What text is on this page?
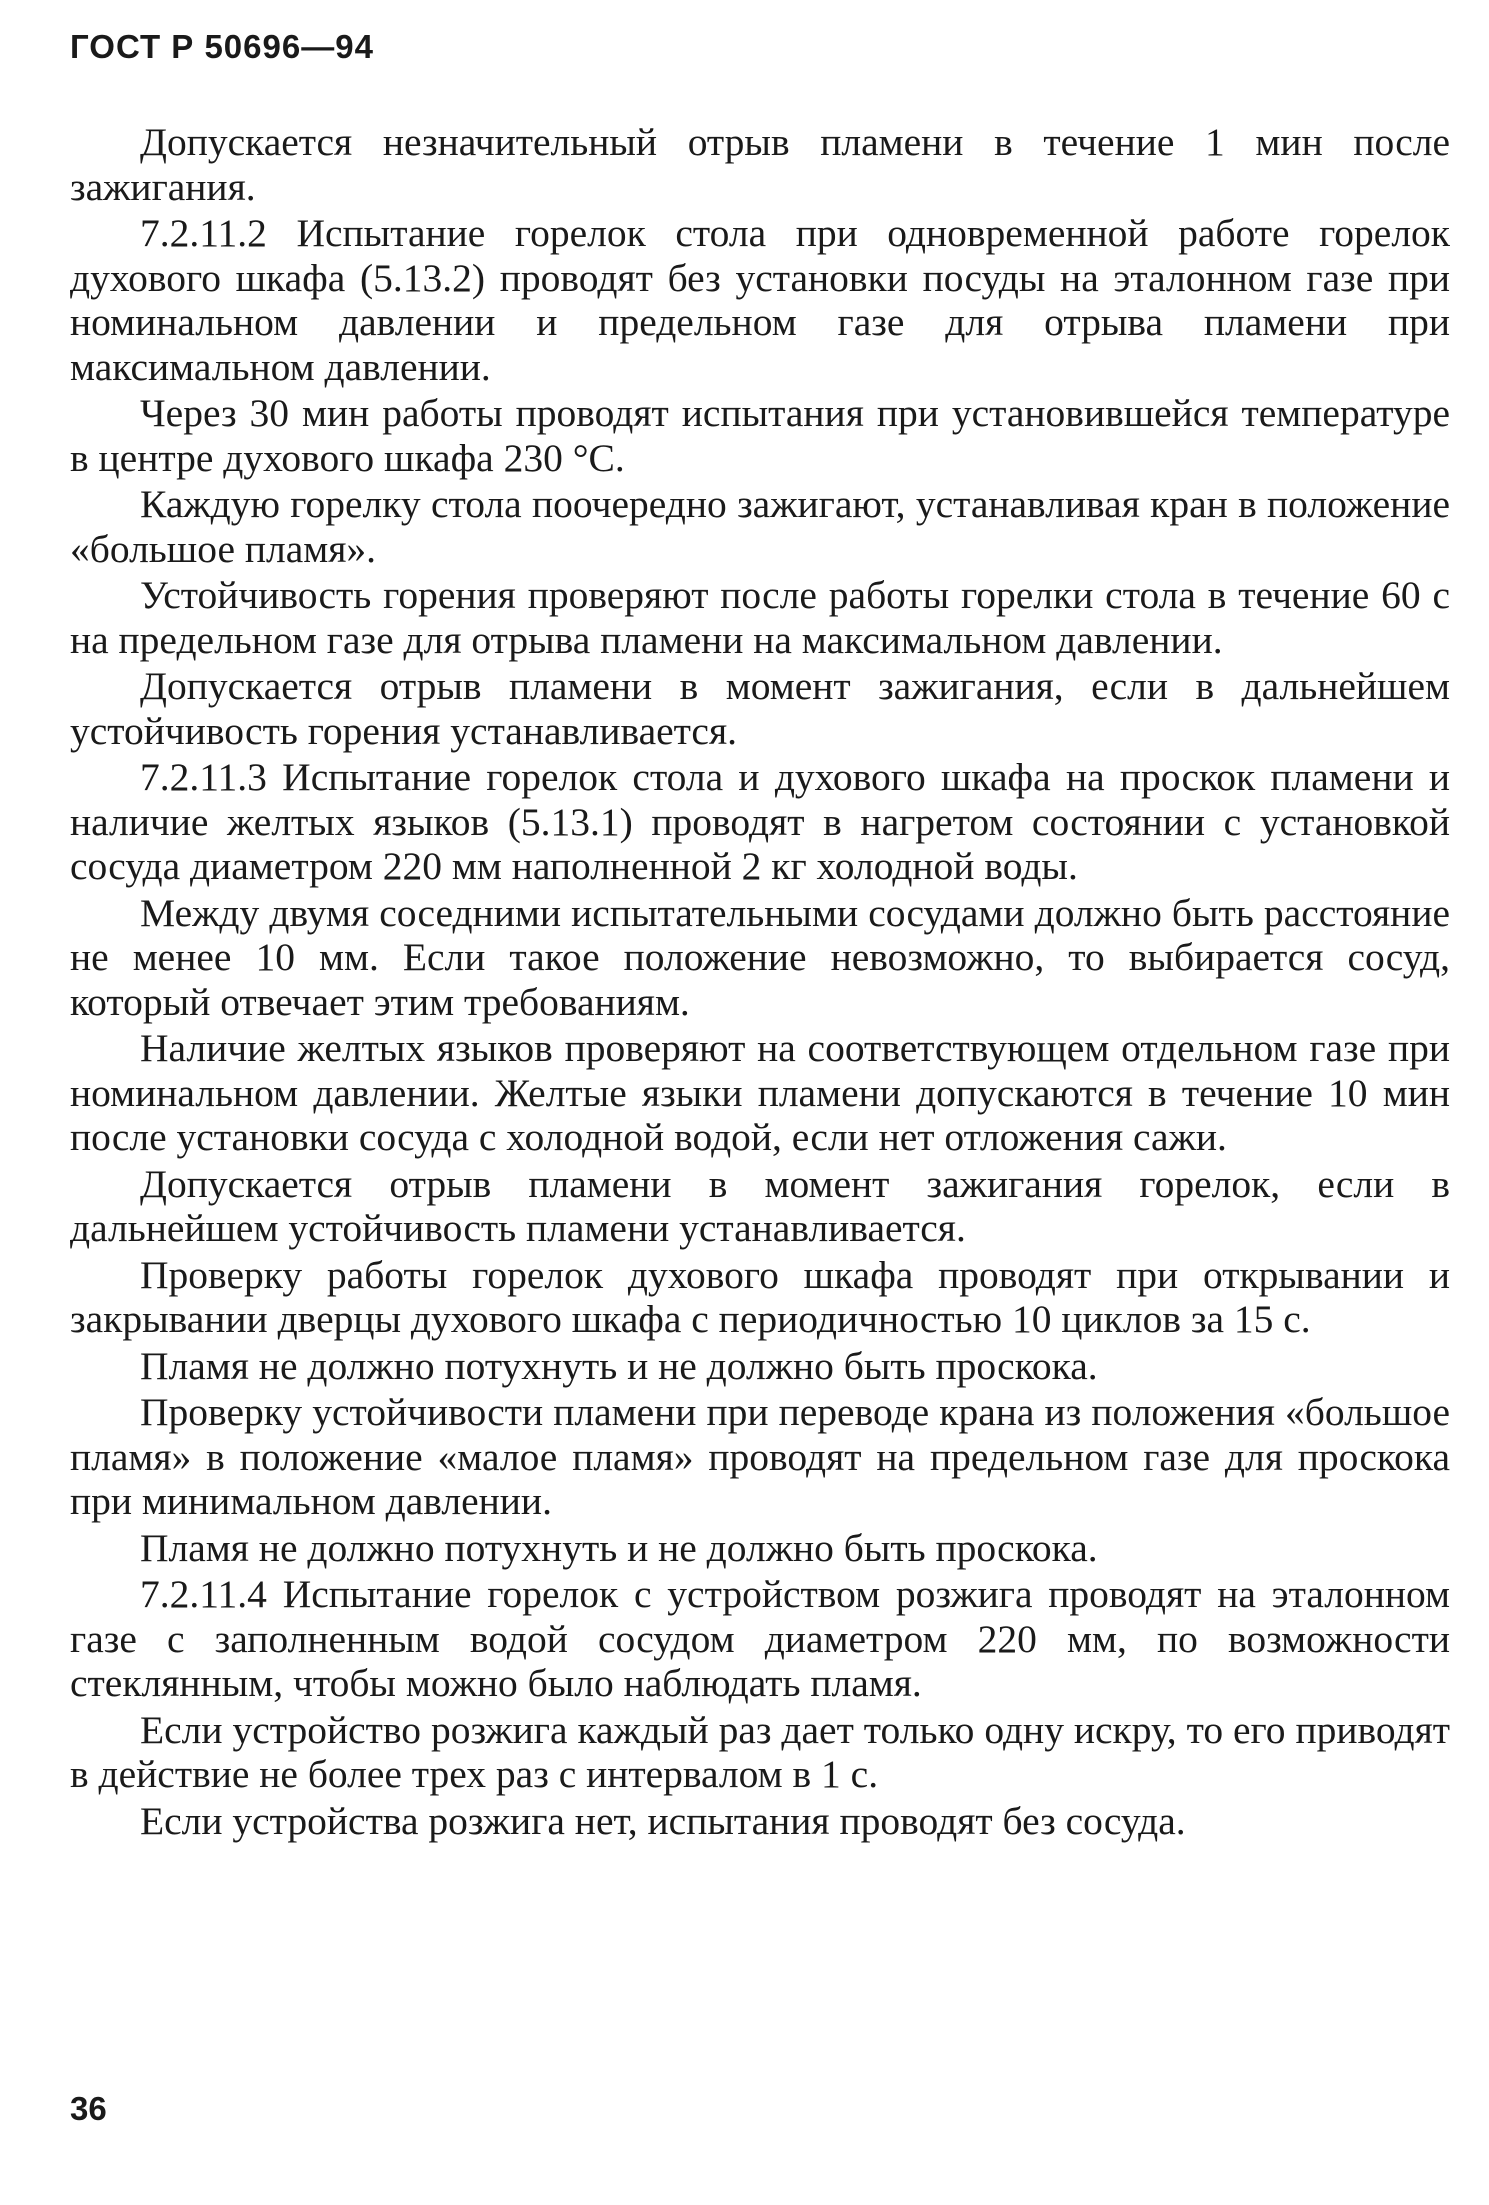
ГОСТ Р 50696—94

Допускается незначительный отрыв пламени в течение 1 мин после зажигания.

7.2.11.2 Испытание горелок стола при одновременной работе горелок духового шкафа (5.13.2) проводят без установки посуды на эталонном газе при номинальном давлении и предельном газе для отрыва пламени при максимальном давлении.

Через 30 мин работы проводят испытания при установившейся температуре в центре духового шкафа 230 °С.

Каждую горелку стола поочередно зажигают, устанавливая кран в положение «большое пламя».

Устойчивость горения проверяют после работы горелки стола в течение 60 с на предельном газе для отрыва пламени на максимальном давлении.

Допускается отрыв пламени в момент зажигания, если в дальнейшем устойчивость горения устанавливается.

7.2.11.3 Испытание горелок стола и духового шкафа на проскок пламени и наличие желтых языков (5.13.1) проводят в нагретом состоянии с установкой сосуда диаметром 220 мм наполненной 2 кг холодной воды.

Между двумя соседними испытательными сосудами должно быть расстояние не менее 10 мм. Если такое положение невозможно, то выбирается сосуд, который отвечает этим требованиям.

Наличие желтых языков проверяют на соответствующем отдельном газе при номинальном давлении. Желтые языки пламени допускаются в течение 10 мин после установки сосуда с холодной водой, если нет отложения сажи.

Допускается отрыв пламени в момент зажигания горелок, если в дальнейшем устойчивость пламени устанавливается.

Проверку работы горелок духового шкафа проводят при открывании и закрывании дверцы духового шкафа с периодичностью 10 циклов за 15 с.

Пламя не должно потухнуть и не должно быть проскока.

Проверку устойчивости пламени при переводе крана из положения «большое пламя» в положение «малое пламя» проводят на предельном газе для проскока при минимальном давлении.

Пламя не должно потухнуть и не должно быть проскока.

7.2.11.4 Испытание горелок с устройством розжига проводят на эталонном газе с заполненным водой сосудом диаметром 220 мм, по возможности стеклянным, чтобы можно было наблюдать пламя.

Если устройство розжига каждый раз дает только одну искру, то его приводят в действие не более трех раз с интервалом в 1 с.

Если устройства розжига нет, испытания проводят без сосуда.

36
